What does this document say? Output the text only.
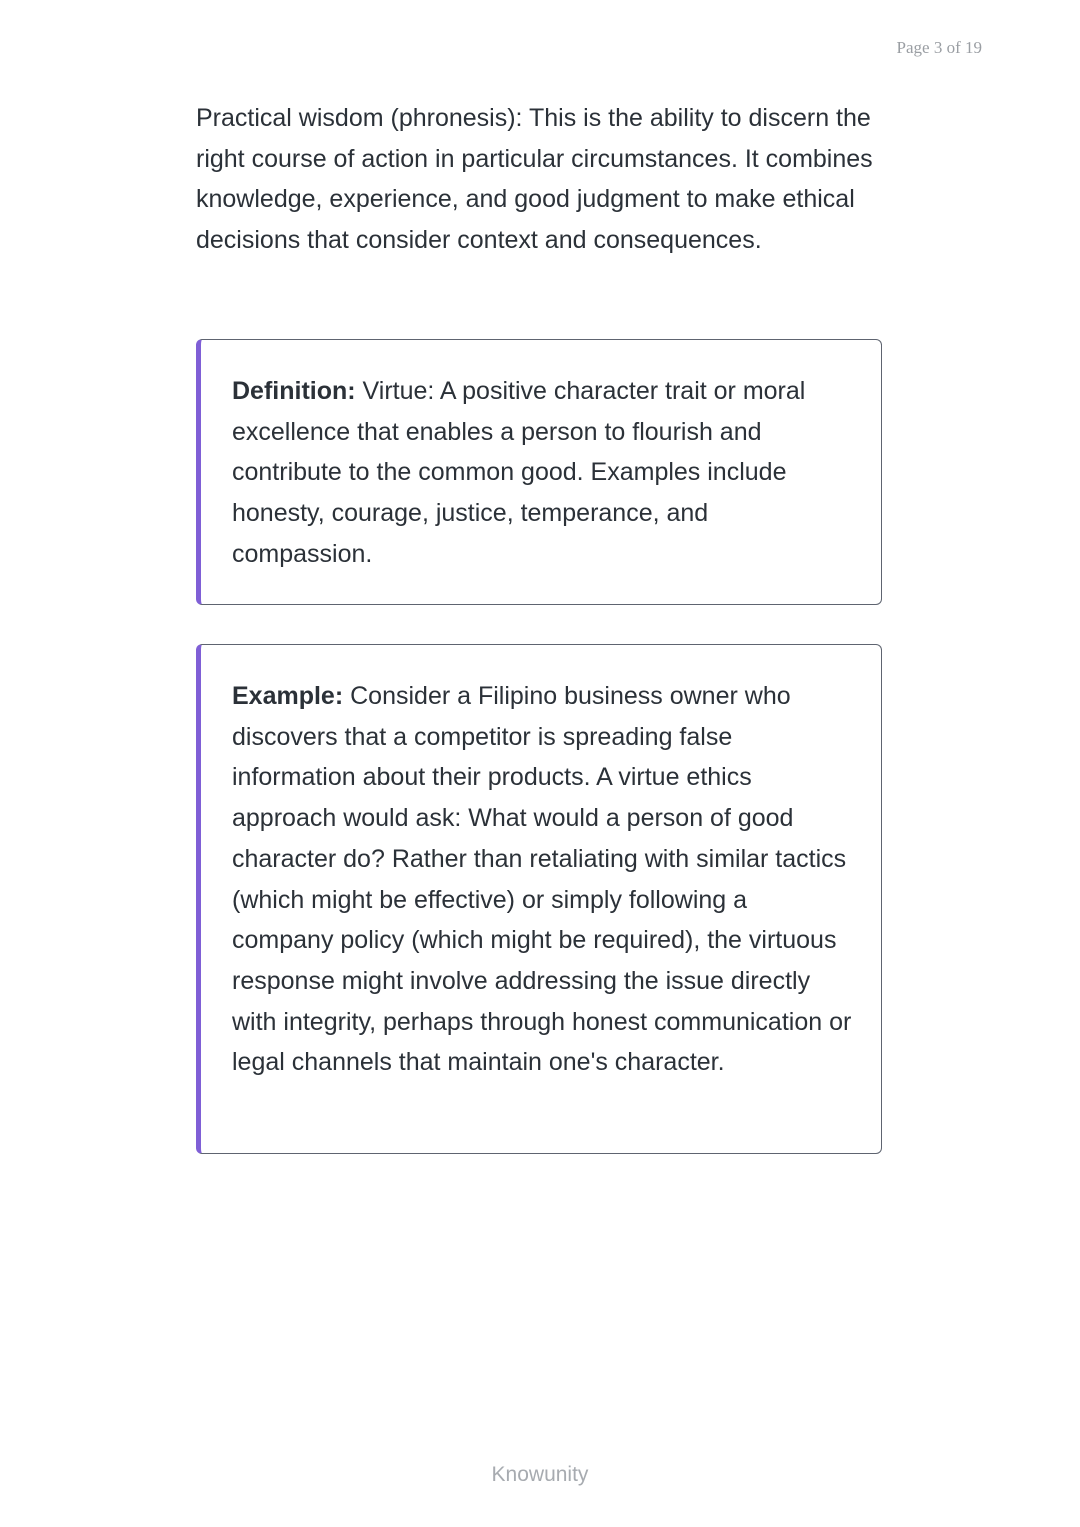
Page 3 of 19

Practical wisdom (phronesis): This is the ability to discern the right course of action in particular circumstances. It combines knowledge, experience, and good judgment to make ethical decisions that consider context and consequences.

Definition: Virtue: A positive character trait or moral excellence that enables a person to flourish and contribute to the common good. Examples include honesty, courage, justice, temperance, and compassion.

Example: Consider a Filipino business owner who discovers that a competitor is spreading false information about their products. A virtue ethics approach would ask: What would a person of good character do? Rather than retaliating with similar tactics (which might be effective) or simply following a company policy (which might be required), the virtuous response might involve addressing the issue directly with integrity, perhaps through honest communication or legal channels that maintain one's character.

Knowunity
